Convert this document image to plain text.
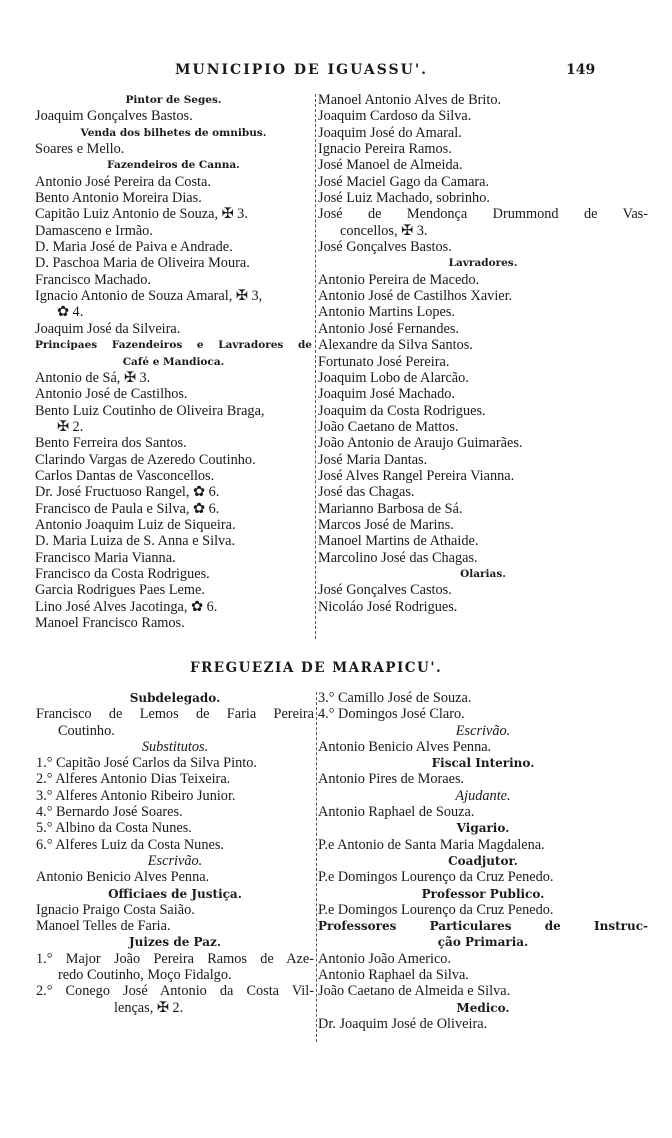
MUNICIPIO DE IGUASSU'.	149
Pintor de Seges.
Joaquim Gonçalves Bastos.
Venda dos bilhetes de omnibus.
Soares e Mello.
Fazendeiros de Canna.
Antonio José Pereira da Costa.
Bento Antonio Moreira Dias.
Capitão Luiz Antonio de Souza, ✠ 3.
Damasceno e Irmão.
D. Maria José de Paiva e Andrade.
D. Paschoa Maria de Oliveira Moura.
Francisco Machado.
Ignacio Antonio de Souza Amaral, ✠ 3,
✿ 4.
Joaquim José da Silveira.
Principaes Fazendeiros e Lavradores de
Café e Mandioca.
Antonio de Sá, ✠ 3.
Antonio José de Castilhos.
Bento Luiz Coutinho de Oliveira Braga,
✠ 2.
Bento Ferreira dos Santos.
Clarindo Vargas de Azeredo Coutinho.
Carlos Dantas de Vasconcellos.
Dr. José Fructuoso Rangel, ✿ 6.
Francisco de Paula e Silva, ✿ 6.
Antonio Joaquim Luiz de Siqueira.
D. Maria Luiza de S. Anna e Silva.
Francisco Maria Vianna.
Francisco da Costa Rodrigues.
Garcia Rodrigues Paes Leme.
Lino José Alves Jacotinga, ✿ 6.
Manoel Francisco Ramos.
Manoel Antonio Alves de Brito.
Joaquim Cardoso da Silva.
Joaquim José do Amaral.
Ignacio Pereira Ramos.
José Manoel de Almeida.
José Maciel Gago da Camara.
José Luiz Machado, sobrinho.
José de Mendonça Drummond de Vas-
concellos, ✠ 3.
José Gonçalves Bastos.
Lavradores.
Antonio Pereira de Macedo.
Antonio José de Castilhos Xavier.
Antonio Martins Lopes.
Antonio José Fernandes.
Alexandre da Silva Santos.
Fortunato José Pereira.
Joaquim Lobo de Alarcão.
Joaquim José Machado.
Joaquim da Costa Rodrigues.
João Caetano de Mattos.
João Antonio de Araujo Guimarães.
José Maria Dantas.
José Alves Rangel Pereira Vianna.
José das Chagas.
Marianno Barbosa de Sá.
Marcos José de Marins.
Manoel Martins de Athaide.
Marcolino José das Chagas.
Olarias.
José Gonçalves Castos.
Nicoláo José Rodrigues.
FREGUEZIA DE MARAPICU'.
Subdelegado.
Francisco de Lemos de Faria Pereira
Coutinho.
Substitutos.
1.° Capitão José Carlos da Silva Pinto.
2.° Alferes Antonio Dias Teixeira.
3.° Alferes Antonio Ribeiro Junior.
4.° Bernardo José Soares.
5.° Albino da Costa Nunes.
6.° Alferes Luiz da Costa Nunes.
Escrivão.
Antonio Benicio Alves Penna.
Officiaes de Justiça.
Ignacio Praigo Costa Saião.
Manoel Telles de Faria.
Juizes de Paz.
1.° Major João Pereira Ramos de Aze-
redo Coutinho, Moço Fidalgo.
2.° Conego José Antonio da Costa Vil-
lenças, ✠ 2.
3.° Camillo José de Souza.
4.° Domingos José Claro.
Escrivão.
Antonio Benicio Alves Penna.
Fiscal Interino.
Antonio Pires de Moraes.
Ajudante.
Antonio Raphael de Souza.
Vigario.
P.e Antonio de Santa Maria Magdalena.
Coadjutor.
P.e Domingos Lourenço da Cruz Penedo.
Professor Publico.
P.e Domingos Lourenço da Cruz Penedo.
Professores Particulares de Instruc-
ção Primaria.
Antonio João Americo.
Antonio Raphael da Silva.
João Caetano de Almeida e Silva.
Medico.
Dr. Joaquim José de Oliveira.
